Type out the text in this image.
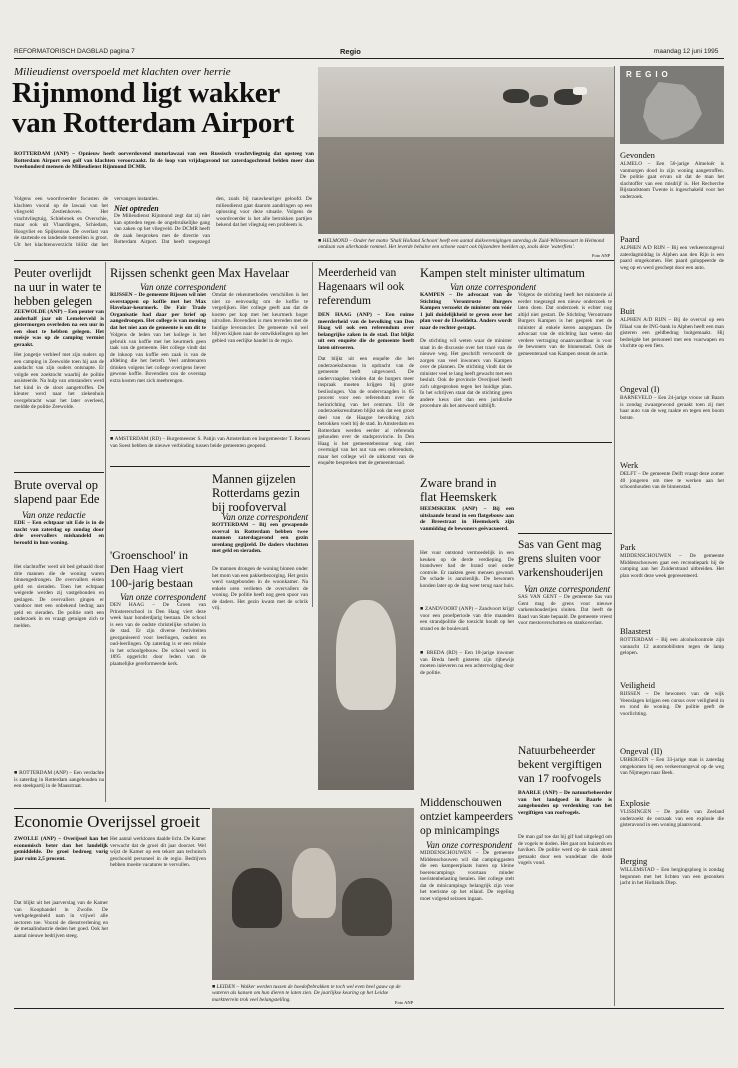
REFORMATORISCH DAGBLAD pagina 7	Regio	maandag 12 juni 1995
Milieudienst overspoeld met klachten over herrie
Rijnmond ligt wakker
van Rotterdam Airport
ROTTERDAM (ANP) – Opnieuw heeft oorverdovend motorlawaai van een Russisch vrachtvliegtuig dat opsteeg van Rotterdam Airport een golf van klachten veroorzaakt. In de loop van vrijdagavond tot zaterdagochtend belden meer dan tweehonderd mensen de Milieudienst Rijnmond DCMR.
Volgens een woordvoerder focusten de klachten vooral op de lawaai van het vliegveld Zestienhoven. Het vrachtvliegtuig, Schiebroek en Overschie, maar ook uit Vlaardingen, Schiedam, Hoogvliet en Spijkenisse. De overlast van de startende en landende toestellen is groot. Uit het klachtenoverzicht blijkt dat het
vervangen instanties.
Niet optreden
De Milieudienst Rijnmond zegt dat zij niet kan optreden tegen de ongebruikelijke gang van zaken op het vliegveld. De DCMR heeft de zaak besproken met de directie van Rotterdam Airport. Dat heeft toegezegd
den, zoals bij nauwkeuriger geloofd. De milieudienst gaat daarom aandringen op een oplossing voor deze situatie. Volgens de woordvoerder is het alle betrokken partijen bekend dat het vliegtuig een probleem is.
■ HELMOND – Onder het motto 'Shall Holland Schoon' heeft een aantal duikverenigingen zaterdag de Zuid-Willemsvaart in Helmond ontdaan van allerhande rommel. Het leverde behalve een schone vaart ook bijzondere beelden op, zoals deze 'waterfiets'.
Foto ANP
REGIO
Peuter overlijdt na uur in water te hebben gelegen
ZEEWOLDE (ANP) – Een peuter van anderhalf jaar uit Lemelerveld is gistermorgen overleden na een uur in een sloot te hebben gelegen. Het meisje was op de camping vermist geraakt.
Het jongetje verbleef met zijn ouders op een camping in Zeewolde toen hij aan de aandacht van zijn ouders ontsnapte. Er volgde een zoektocht waarbij de politie assisteerde. Na hulp van omstanders werd het kind in de sloot aangetroffen. De kleuter werd naar het ziekenhuis overgebracht waar het later overleed, meldde de politie Zeewolde.
Rijssen schenkt geen Max Havelaar
Van onze correspondent
RIJSSEN – De gemeente Rijssen wil niet overstappen op koffie met het Max Havelaar-keurmerk. De Fair Trade Organisatie had daar per brief op aangedrongen. Het college is van mening dat het niet aan de gemeente is om dit te
Volgens de leden van het kollege is het gebruik van koffie met het keurmerk geen taak van de gemeente. Het college vindt dat de inkoop van koffie een zaak is van de afdeling die het betreft. Veel ambtenaren drinken volgens het college overigens liever gewone koffie. Bovendien zou de overstap extra kosten met zich meebrengen.
Omdat de rekenmethodes verschillen is het niet zo eenvoudig om de koffie te vergelijken. Het college geeft aan dat de kosten per kop met het keurmerk hoger uitvallen. Bovendien is men tevreden met de huidige leverancier. De gemeente wil wel blijven kijken naar de ontwikkelingen op het gebied van eerlijke handel in de regio.
Meerderheid van Hagenaars wil ook referendum
DEN HAAG (ANP) – Een ruime meerderheid van de bevolking van Den Haag wil ook een referendum over belangrijke zaken in de stad. Dat blijkt uit een enquête die de gemeente heeft laten uitvoeren.
Dat blijkt uit een enquête die het onderzoeksbureau in opdracht van de gemeente heeft uitgevoerd. De ondervraagden vinden dat de burgers meer inspraak moeten krijgen bij grote beslissingen. Van de ondervraagden is 65 procent voor een referendum over de herinrichting van het centrum. Uit de onderzoeksresultaten blijkt ook dat een groot deel van de Haagse bevolking zich betrokken voelt bij de stad. In Amsterdam en Rotterdam werden eerder al referenda gehouden over de stadsprovincie. In Den Haag is het gemeentebestuur nog niet overtuigd van het nut van een referendum, maar het college wil de uitkomst van de enquête bespreken met de gemeenteraad.
Kampen stelt minister ultimatum
Van onze correspondent
KAMPEN – De advocaat van de Stichting Verontruste Burgers Kampen verzoekt de minister om vóór 1 juli duidelijkheid te geven over het plan voor de IJsseldelta. Anders wordt naar de rechter gestapt.
De stichting wil weten waar de minister staat in de discussie over het tracé van de nieuwe weg. Het geschrift verwoordt de zorgen van veel inwoners van Kampen over de plannen. De stichting vindt dat de minister veel te lang heeft gewacht met een besluit. Ook de provincie Overijssel heeft zich uitgesproken tegen het huidige plan. In het schrijven staat dat de stichting geen andere keus ziet dan een juridische procedure als het antwoord uitblijft.
Volgens de stichting heeft het ministerie al eerder toegezegd een nieuw onderzoek te laten doen. Dat onderzoek is echter nog altijd niet gestart. De Stichting Verontruste Burgers Kampen is het gesprek met de minister al enkele keren aangegaan. De advocaat van de stichting laat weten dat verdere vertraging onaanvaardbaar is voor de bewoners van de binnenstad. Ook de gemeenteraad van Kampen steunt de actie.
Brute overval op slapend paar Ede
Van onze redactie
EDE – Een echtpaar uit Ede is in de nacht van zaterdag op zondag door drie overvallers mishandeld en beroofd in hun woning.
Het slachtoffer werd uit bed gehaald door drie mannen die de woning waren binnengedrongen. De overvallers eisten geld en sieraden. Toen het echtpaar weigerde werden zij vastgebonden en geslagen. De overvallers gingen er vandoor met een onbekend bedrag aan geld en sieraden. De politie stelt een onderzoek in en vraagt getuigen zich te melden.
■ ROTTERDAM (ANP) – Een verdachte is zaterdag in Rotterdam aangehouden na een steekpartij in de Maasstraat.
■ AMSTERDAM (RD) – Burgemeester S. Patijn van Amsterdam en burgemeester T. Rensen van Soest hebben de nieuwe verbinding tussen beide gemeenten geopend.
Mannen gijzelen Rotterdams gezin bij roofoverval
Van onze correspondent
ROTTERDAM – Bij een gewapende overval in Rotterdam hebben twee mannen zaterdagavond een gezin urenlang gegijzeld. De daders vluchtten met geld en sieraden.
De mannen drongen de woning binnen onder het mom van een pakketbezorging. Het gezin werd vastgebonden in de woonkamer. Na enkele uren verlieten de overvallers de woning. De politie heeft nog geen spoor van de daders. Het gezin kwam met de schrik vrij.
'Groenschool' in Den Haag viert 100-jarig bestaan
Van onze correspondent
DEN HAAG – De Groen van Prinstererschool in Den Haag viert deze week haar honderdjarig bestaan. De school is een van de oudste christelijke scholen in de stad. Er zijn diverse festiviteiten georganiseerd voor leerlingen, ouders en oud-leerlingen. Op zaterdag is er een reünie in het schoolgebouw. De school werd in 1895 opgericht door leden van de plaatselijke gereformeerde kerk.
Zware brand in flat Heemskerk
HEEMSKERK (ANP) – Bij een uitslaande brand in een flatgebouw aan de Breestraat in Heemskerk zijn vanmiddag de bewoners geëvacueerd.
Het vuur ontstond vermoedelijk in een keuken op de derde verdieping. De brandweer had de brand snel onder controle. Er raakten geen mensen gewond. De schade is aanzienlijk. De bewoners konden later op de dag weer terug naar huis.
Sas van Gent mag grens sluiten voor varkenshouderijen
Van onze correspondent
SAS VAN GENT – De gemeente Sas van Gent mag de grens voor nieuwe varkenshouderijen sluiten. Dat heeft de Raad van State bepaald. De gemeente vreest voor mestoverschotten en stankoverlast.
■ ZANDVOORT (ANP) – Zandvoort krijgt voor een proefperiode van drie maanden een strandpolitie die toezicht houdt op het strand en de boulevard.
■ BREDA (RD) – Een 18-jarige inwoner van Breda heeft gisteren zijn rijbewijs moeten inleveren na een achtervolging door de politie.
Middenschouwen ontziet kampeerders op minicampings
Van onze correspondent
MIDDENSCHOUWEN – De gemeente Middenschouwen wil dat campinggasten die een kampeerplaats huren op kleine boerencampings voortaan minder toeristenbelasting betalen. Het college stelt dat de minicampings belangrijk zijn voor het toerisme op het eiland. De regeling moet volgend seizoen ingaan.
Natuurbeheerder bekent vergiftigen van 17 roofvogels
BAARLE (ANP) – De natuurbeheerder van het landgoed in Baarle is aangehouden op verdenking van het vergiftigen van roofvogels.
De man gaf toe dat hij gif had uitgelegd om de vogels te doden. Het gaat om buizerds en haviken. De politie werd op de zaak attent gemaakt door een wandelaar die dode vogels vond.
Economie Overijssel groeit
ZWOLLE (ANP) – Overijssel kan het economisch beter dan het landelijk gemiddelde. De groei bedroeg vorig jaar ruim 2,5 procent.
Dat blijkt uit het jaarverslag van de Kamer van Koophandel in Zwolle. De werkgelegenheid nam in vrijwel alle sectoren toe. Vooral de dienstverlening en de metaalindustrie deden het goed. Ook het aantal nieuwe bedrijven steeg.
Het aantal werklozen daalde licht. De Kamer verwacht dat de groei dit jaar doorzet. Wel wijst de Kamer op een tekort aan technisch geschoold personeel in de regio. Bedrijven hebben moeite vacatures te vervullen.
■ LEIDEN – Walker werden tussen de hoedoftebrakken te toch wel even heel gauw op de wateren als kansen om hun dieren te laten zien. De jaarlijkse keuring op het Leidse marktterrein trok veel belangstelling.	Foto ANP
Gevonden
ALMELO – Een 50-jarige Almeloër is vanmorgen dood in zijn woning aangetroffen. De politie gaat ervan uit dat de man het slachtoffer van een misdrijf is. Het Recherche Bijstandsteam Twente is ingeschakeld voor het onderzoek.
Paard
ALPHEN A/D RIJN – Bij een verkeersongeval zaterdagmiddag in Alphen aan den Rijn is een paard omgekomen. Het paard galoppeerde de weg op en werd geschept door een auto.
Buit
ALPHEN A/D RIJN – Bij de overval op een filiaal van de ING-bank in Alphen heeft een man gisteren een geldbedrag buitgemaakt. Hij bedreigde het personeel met een vuurwapen en vluchtte op een fiets.
Ongeval (I)
BARNEVELD – Een 24-jarige vrouw uit Baarn is zondag zwaargewond geraakt toen zij met haar auto van de weg raakte en tegen een boom botste.
Werk
DELFT – De gemeente Delft vraagt deze zomer 40 jongeren om mee te werken aan het schoonhouden van de binnenstad.
Park
MIDDENSCHOUWEN – De gemeente Middenschouwen gaat een recreatiepark bij de camping aan het Zuiderstrand uitbreiden. Het plan wordt deze week gepresenteerd.
Blaastest
ROTTERDAM – Bij een alcoholcontrole zijn vannacht 12 automobilisten tegen de lamp gelopen.
Veiligheid
RIJSSEN – De bewoners van de wijk Veenslagen krijgen een cursus over veiligheid in en rond de woning. De politie geeft de voorlichting.
Ongeval (II)
UBBERGEN – Een 33-jarige man is zaterdag omgekomen bij een verkeersongeval op de weg van Nijmegen naar Beek.
Explosie
VLISSINGEN – De politie van Zeeland onderzoekt de oorzaak van een explosie die gisteravond in een woning plaatsvond.
Berging
WILLEMSTAD – Een bergingsploeg is zondag begonnen met het lichten van een gezonken jacht in het Hollands Diep.
